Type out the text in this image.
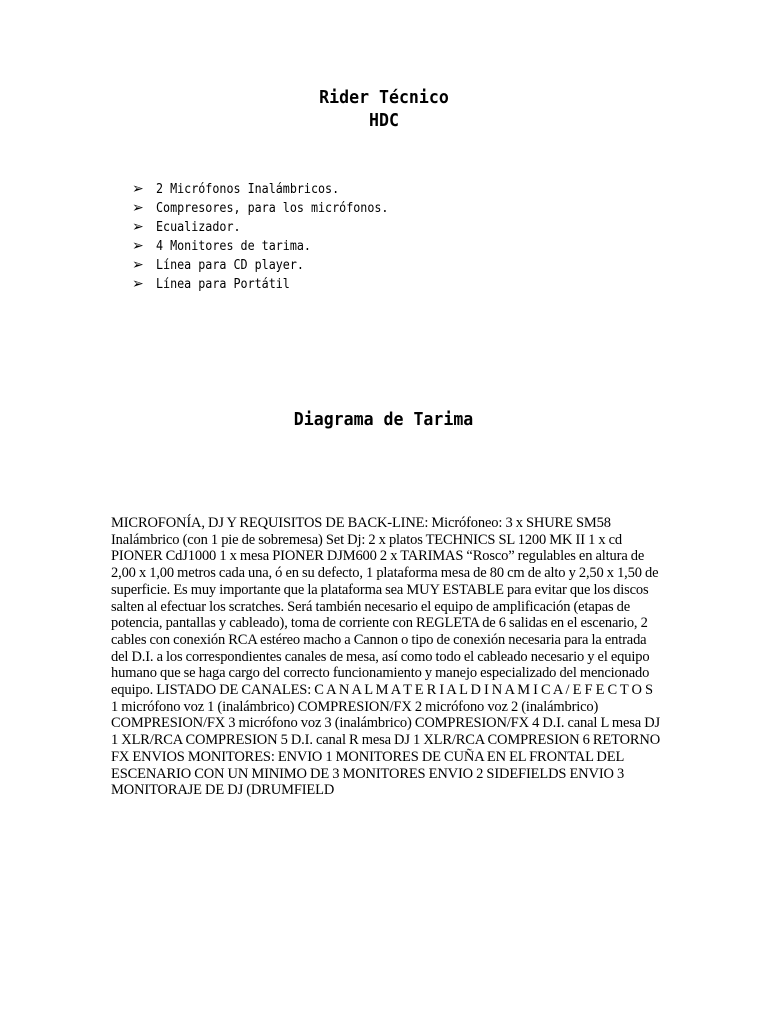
Rider Técnico
HDC
➢ 2 Micrófonos Inalámbricos.
➢ Compresores, para los micrófonos.
➢ Ecualizador.
➢ 4 Monitores de tarima.
➢ Línea para CD player.
➢ Línea para Portátil
Diagrama de Tarima

MICROFONÍA, DJ Y REQUISITOS DE BACK-LINE: Micrófoneo: 3 x SHURE SM58 Inalámbrico (con 1 pie de sobremesa) Set Dj: 2 x platos TECHNICS SL 1200 MK II 1 x cd PIONER CdJ1000 1 x mesa PIONER DJM600 2 x TARIMAS “Rosco” regulables en altura de 2,00 x 1,00 metros cada una, ó en su defecto, 1 plataforma mesa de 80 cm de alto y 2,50 x 1,50 de superficie. Es muy importante que la plataforma sea MUY ESTABLE para evitar que los discos salten al efectuar los scratches. Será también necesario el equipo de amplificación (etapas de potencia, pantallas y cableado), toma de corriente con REGLETA de 6 salidas en el escenario, 2 cables con conexión RCA estéreo macho a Cannon o tipo de conexión necesaria para la entrada del D.I. a los correspondientes canales de mesa, así como todo el cableado necesario y el equipo humano que se haga cargo del correcto funcionamiento y manejo especializado del mencionado equipo. LISTADO DE CANALES: C A N A L M A T E R I A L D I N A M I C A / E F E C T O S 1 micrófono voz 1 (inalámbrico) COMPRESION/FX 2 micrófono voz 2 (inalámbrico) COMPRESION/FX 3 micrófono voz 3 (inalámbrico) COMPRESION/FX 4 D.I. canal L mesa DJ 1 XLR/RCA COMPRESION 5 D.I. canal R mesa DJ 1 XLR/RCA COMPRESION 6 RETORNO FX ENVIOS MONITORES: ENVIO 1 MONITORES DE CUÑA EN EL FRONTAL DEL ESCENARIO CON UN MINIMO DE 3 MONITORES ENVIO 2 SIDEFIELDS ENVIO 3 MONITORAJE DE DJ (DRUMFIELD
